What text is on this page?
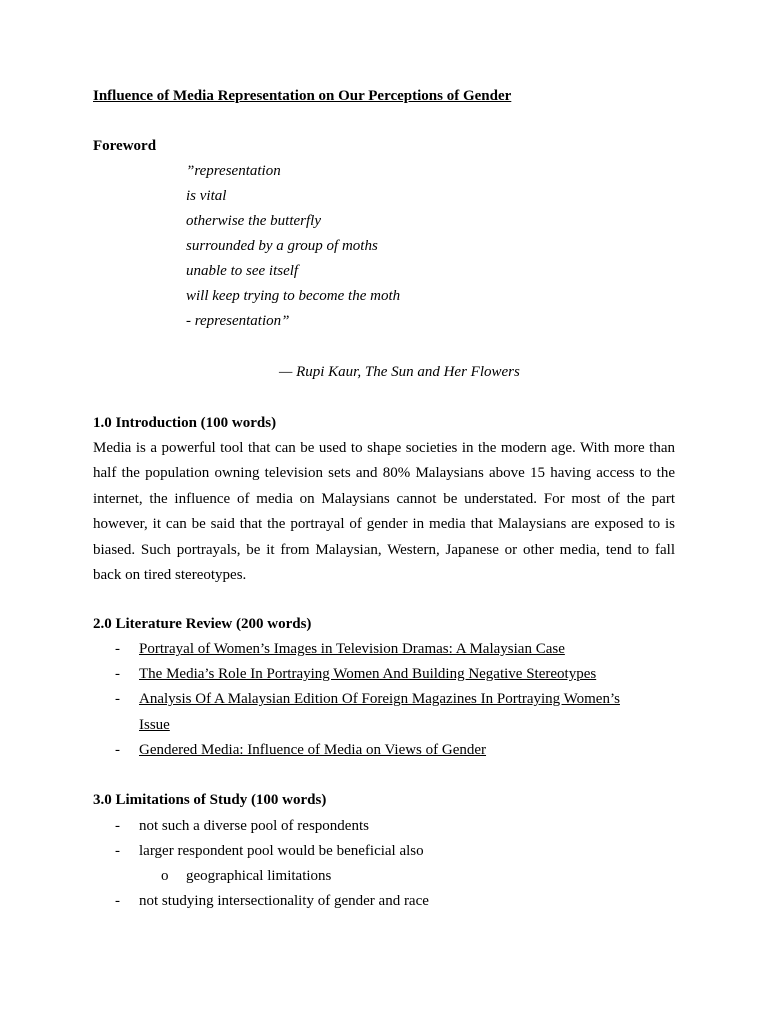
Influence of Media Representation on Our Perceptions of Gender
Foreword
”representation
is vital
otherwise the butterfly
surrounded by a group of moths
unable to see itself
will keep trying to become the moth
- representation”
— Rupi Kaur, The Sun and Her Flowers
1.0 Introduction (100 words)

Media is a powerful tool that can be used to shape societies in the modern age. With more than half the population owning television sets and 80% Malaysians above 15 having access to the internet, the influence of media on Malaysians cannot be understated. For most of the part however, it can be said that the portrayal of gender in media that Malaysians are exposed to is biased. Such portrayals, be it from Malaysian, Western, Japanese or other media, tend to fall back on tired stereotypes.

2.0 Literature Review (200 words)
- Portrayal of Women’s Images in Television Dramas: A Malaysian Case
- The Media’s Role In Portraying Women And Building Negative Stereotypes
- Analysis Of A Malaysian Edition Of Foreign Magazines In Portraying Women’s
Issue
- Gendered Media: Influence of Media on Views of Gender
3.0 Limitations of Study (100 words)
- not such a diverse pool of respondents
- larger respondent pool would be beneficial also
o geographical limitations
- not studying intersectionality of gender and race
